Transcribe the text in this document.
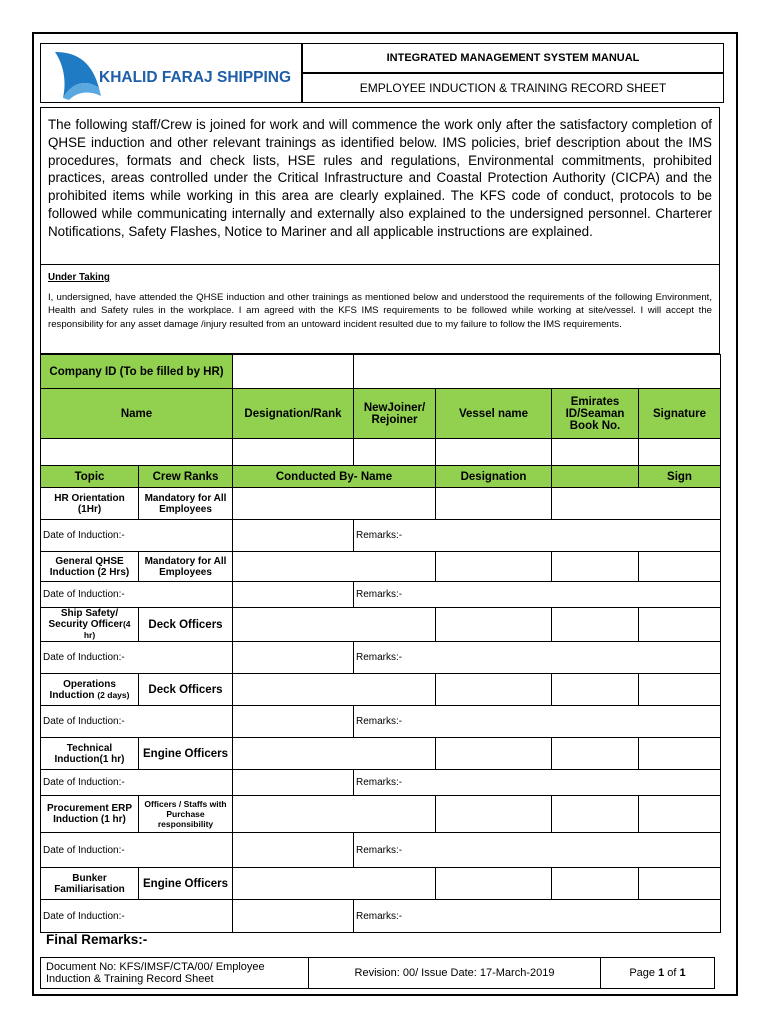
KHALID FARAJ SHIPPING
INTEGRATED MANAGEMENT SYSTEM MANUAL
EMPLOYEE INDUCTION & TRAINING RECORD SHEET
The following staff/Crew is joined for work and will commence the work only after the satisfactory completion of QHSE induction and other relevant trainings as identified below. IMS policies, brief description about the IMS procedures, formats and check lists, HSE rules and regulations, Environmental commitments, prohibited practices, areas controlled under the Critical Infrastructure and Coastal Protection Authority (CICPA) and the prohibited items while working in this area are clearly explained. The KFS code of conduct, protocols to be followed while communicating internally and externally also explained to the undersigned personnel. Charterer Notifications, Safety Flashes, Notice to Mariner and all applicable instructions are explained.
Under Taking
I, undersigned, have attended the QHSE induction and other trainings as mentioned below and understood the requirements of the following Environment, Health and Safety rules in the workplace. I am agreed with the KFS IMS requirements to be followed while working at site/vessel. I will accept the responsibility for any asset damage /injury resulted from an untoward incident resulted due to my failure to follow the IMS requirements.
Company ID (To be filled by HR)						
Name		Designation/Rank	NewJoiner/ Rejoiner	Vessel name	Emirates ID/Seaman Book No.	Signature

Topic	Crew Ranks	Conducted By- Name		Designation		Sign
HR Orientation (1Hr)	Mandatory for All Employees					
Date of Induction:-			Remarks:-			
General QHSE Induction (2 Hrs)	Mandatory for All Employees					
Date of Induction:-			Remarks:-			
Ship Safety/ Security Officer(4 hr)	Deck Officers					
Date of Induction:-			Remarks:-			
Operations Induction (2 days)	Deck Officers					
Date of Induction:-			Remarks:-			
Technical Induction(1 hr)	Engine Officers					
Date of Induction:-			Remarks:-			
Procurement ERP Induction (1 hr)	Officers / Staffs with Purchase responsibility					
Date of Induction:-			Remarks:-			
Bunker Familiarisation	Engine Officers					
Date of Induction:-			Remarks:-			
Final Remarks:-
Document No: KFS/IMSF/CTA/00/ Employee Induction & Training Record Sheet	Revision: 00/ Issue Date: 17-March-2019	Page 1 of 1
